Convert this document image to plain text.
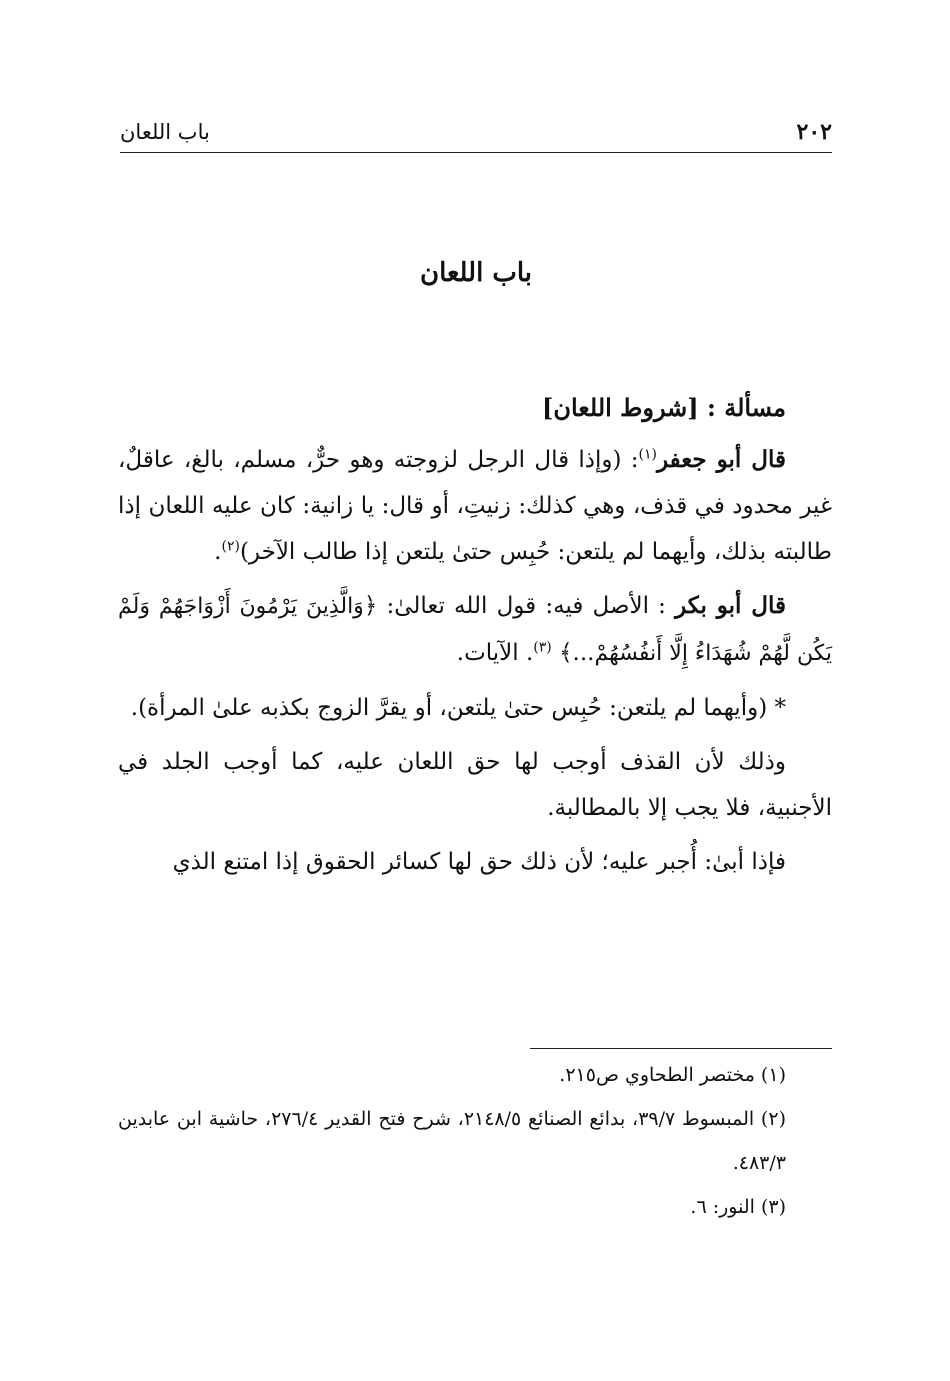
٢٠٢
باب اللعان
باب اللعان

مسألة : [شروط اللعان]

قال أبو جعفر$^{(١)}$: (وإذا قال الرجل لزوجته وهو حرٌّ، مسلم، بالغ، عاقلٌ، غير محدود في قذف، وهي كذلك: زنيتِ، أو قال: يا زانية: كان عليه اللعان إذا طالبته بذلك، وأيهما لم يلتعن: حُبِس حتىٰ يلتعن إذا طالب الآخر)$^{(٢)}$.

قال أبو بكر : الأصل فيه: قول الله تعالىٰ: ﴿وَالَّذِينَ يَرْمُونَ أَزْوَاجَهُمْ وَلَمْ يَكُن لَّهُمْ شُهَدَاءُ إِلَّا أَنفُسُهُمْ...﴾ $^{(٣)}$. الآيات.

* (وأيهما لم يلتعن: حُبِس حتىٰ يلتعن، أو يقرَّ الزوج بكذبه علىٰ المرأة).

وذلك لأن القذف أوجب لها حق اللعان عليه، كما أوجب الجلد في الأجنبية، فلا يجب إلا بالمطالبة.

فإذا أبىٰ: أُجبر عليه؛ لأن ذلك حق لها كسائر الحقوق إذا امتنع الذي

(١) مختصر الطحاوي ص٢١٥.

(٢) المبسوط ٣٩/٧، بدائع الصنائع ٢١٤٨/٥، شرح فتح القدير ٢٧٦/٤، حاشية ابن عابدين ٤٨٣/٣.

(٣) النور: ٦.
